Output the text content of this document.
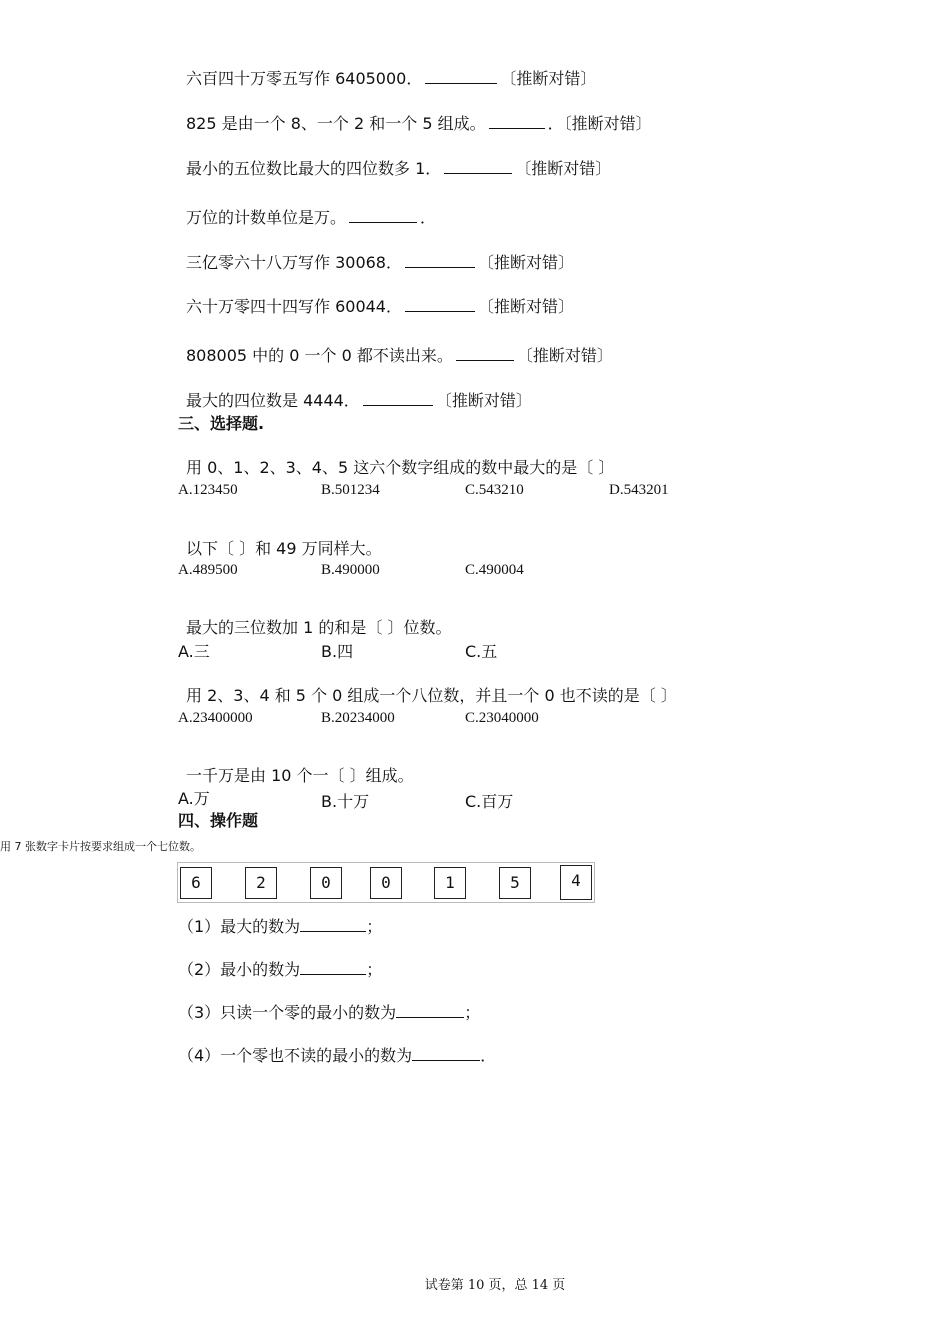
六百四十万零五写作 6405000．	〔推断对错〕
825 是由一个 8、一个 2 和一个 5 组成。	．〔推断对错〕
最小的五位数比最大的四位数多 1．	〔推断对错〕
万位的计数单位是万。	．
三亿零六十八万写作 30068．	〔推断对错〕
六十万零四十四写作 60044．	〔推断对错〕
808005 中的 0 一个 0 都不读出来。	〔推断对错〕
最大的四位数是 4444．	〔推断对错〕
三、选择题.
用 0、1、2、3、4、5 这六个数字组成的数中最大的是〔 〕
A.123450	B.501234	C.543210	D.543201
以下〔 〕和 49 万同样大。
A.489500	B.490000	C.490004
最大的三位数加 1 的和是〔 〕位数。
A.三	B.四	C.五
用 2、3、4 和 5 个 0 组成一个八位数，并且一个 0 也不读的是〔 〕
A.23400000	B.20234000	C.23040000
一千万是由 10 个一〔 〕组成。
A.万	B.十万	C.百万
四、操作题
用 7 张数字卡片按要求组成一个七位数。
6	2	0	0	1	5	4
（1）最大的数为	；
（2）最小的数为	；
（3）只读一个零的最小的数为	；
（4）一个零也不读的最小的数为	．
试卷第 10 页，总 14 页
